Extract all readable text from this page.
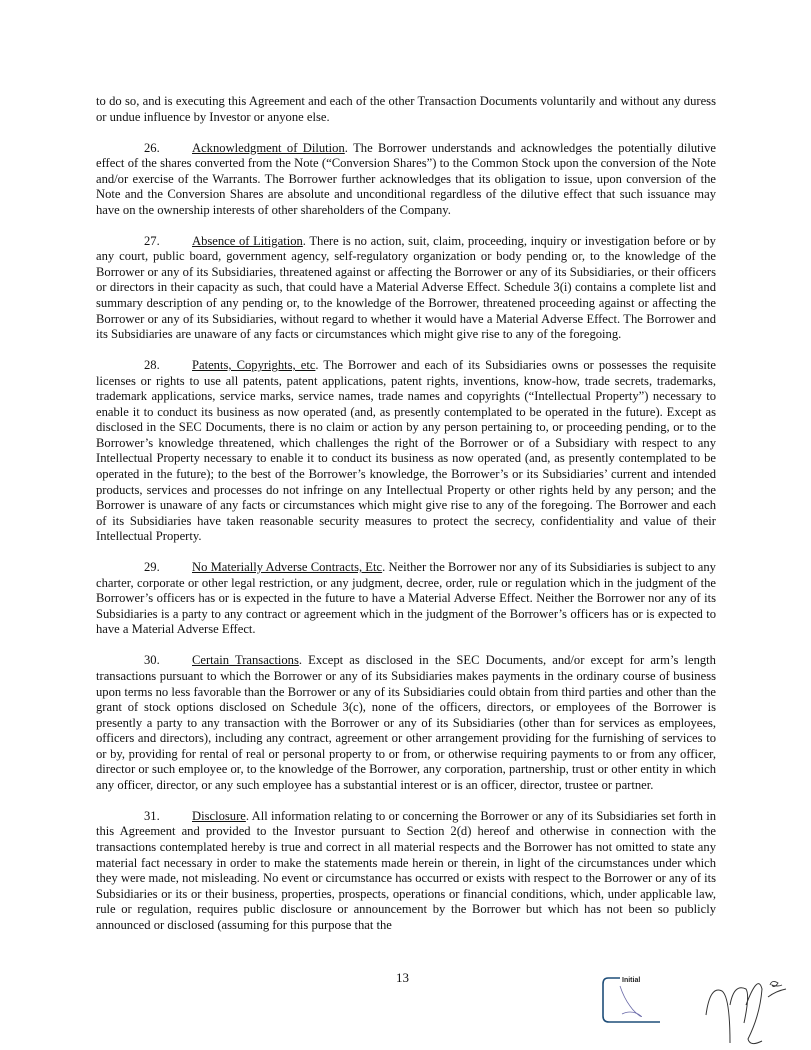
to do so, and is executing this Agreement and each of the other Transaction Documents voluntarily and without any duress or undue influence by Investor or anyone else.

26.	Acknowledgment of Dilution. The Borrower understands and acknowledges the potentially dilutive effect of the shares converted from the Note (“Conversion Shares”) to the Common Stock upon the conversion of the Note and/or exercise of the Warrants. The Borrower further acknowledges that its obligation to issue, upon conversion of the Note and the Conversion Shares are absolute and unconditional regardless of the dilutive effect that such issuance may have on the ownership interests of other shareholders of the Company.

27.	Absence of Litigation. There is no action, suit, claim, proceeding, inquiry or investigation before or by any court, public board, government agency, self-regulatory organization or body pending or, to the knowledge of the Borrower or any of its Subsidiaries, threatened against or affecting the Borrower or any of its Subsidiaries, or their officers or directors in their capacity as such, that could have a Material Adverse Effect. Schedule 3(i) contains a complete list and summary description of any pending or, to the knowledge of the Borrower, threatened proceeding against or affecting the Borrower or any of its Subsidiaries, without regard to whether it would have a Material Adverse Effect. The Borrower and its Subsidiaries are unaware of any facts or circumstances which might give rise to any of the foregoing.

28.	Patents, Copyrights, etc. The Borrower and each of its Subsidiaries owns or possesses the requisite licenses or rights to use all patents, patent applications, patent rights, inventions, know-how, trade secrets, trademarks, trademark applications, service marks, service names, trade names and copyrights (“Intellectual Property”) necessary to enable it to conduct its business as now operated (and, as presently contemplated to be operated in the future). Except as disclosed in the SEC Documents, there is no claim or action by any person pertaining to, or proceeding pending, or to the Borrower’s knowledge threatened, which challenges the right of the Borrower or of a Subsidiary with respect to any Intellectual Property necessary to enable it to conduct its business as now operated (and, as presently contemplated to be operated in the future); to the best of the Borrower’s knowledge, the Borrower’s or its Subsidiaries’ current and intended products, services and processes do not infringe on any Intellectual Property or other rights held by any person; and the Borrower is unaware of any facts or circumstances which might give rise to any of the foregoing. The Borrower and each of its Subsidiaries have taken reasonable security measures to protect the secrecy, confidentiality and value of their Intellectual Property.

29.	No Materially Adverse Contracts, Etc. Neither the Borrower nor any of its Subsidiaries is subject to any charter, corporate or other legal restriction, or any judgment, decree, order, rule or regulation which in the judgment of the Borrower’s officers has or is expected in the future to have a Material Adverse Effect. Neither the Borrower nor any of its Subsidiaries is a party to any contract or agreement which in the judgment of the Borrower’s officers has or is expected to have a Material Adverse Effect.

30.	Certain Transactions. Except as disclosed in the SEC Documents, and/or except for arm’s length transactions pursuant to which the Borrower or any of its Subsidiaries makes payments in the ordinary course of business upon terms no less favorable than the Borrower or any of its Subsidiaries could obtain from third parties and other than the grant of stock options disclosed on Schedule 3(c), none of the officers, directors, or employees of the Borrower is presently a party to any transaction with the Borrower or any of its Subsidiaries (other than for services as employees, officers and directors), including any contract, agreement or other arrangement providing for the furnishing of services to or by, providing for rental of real or personal property to or from, or otherwise requiring payments to or from any officer, director or such employee or, to the knowledge of the Borrower, any corporation, partnership, trust or other entity in which any officer, director, or any such employee has a substantial interest or is an officer, director, trustee or partner.

31.	Disclosure. All information relating to or concerning the Borrower or any of its Subsidiaries set forth in this Agreement and provided to the Investor pursuant to Section 2(d) hereof and otherwise in connection with the transactions contemplated hereby is true and correct in all material respects and the Borrower has not omitted to state any material fact necessary in order to make the statements made herein or therein, in light of the circumstances under which they were made, not misleading. No event or circumstance has occurred or exists with respect to the Borrower or any of its Subsidiaries or its or their business, properties, prospects, operations or financial conditions, which, under applicable law, rule or regulation, requires public disclosure or announcement by the Borrower but which has not been so publicly announced or disclosed (assuming for this purpose that the

13	Initial
